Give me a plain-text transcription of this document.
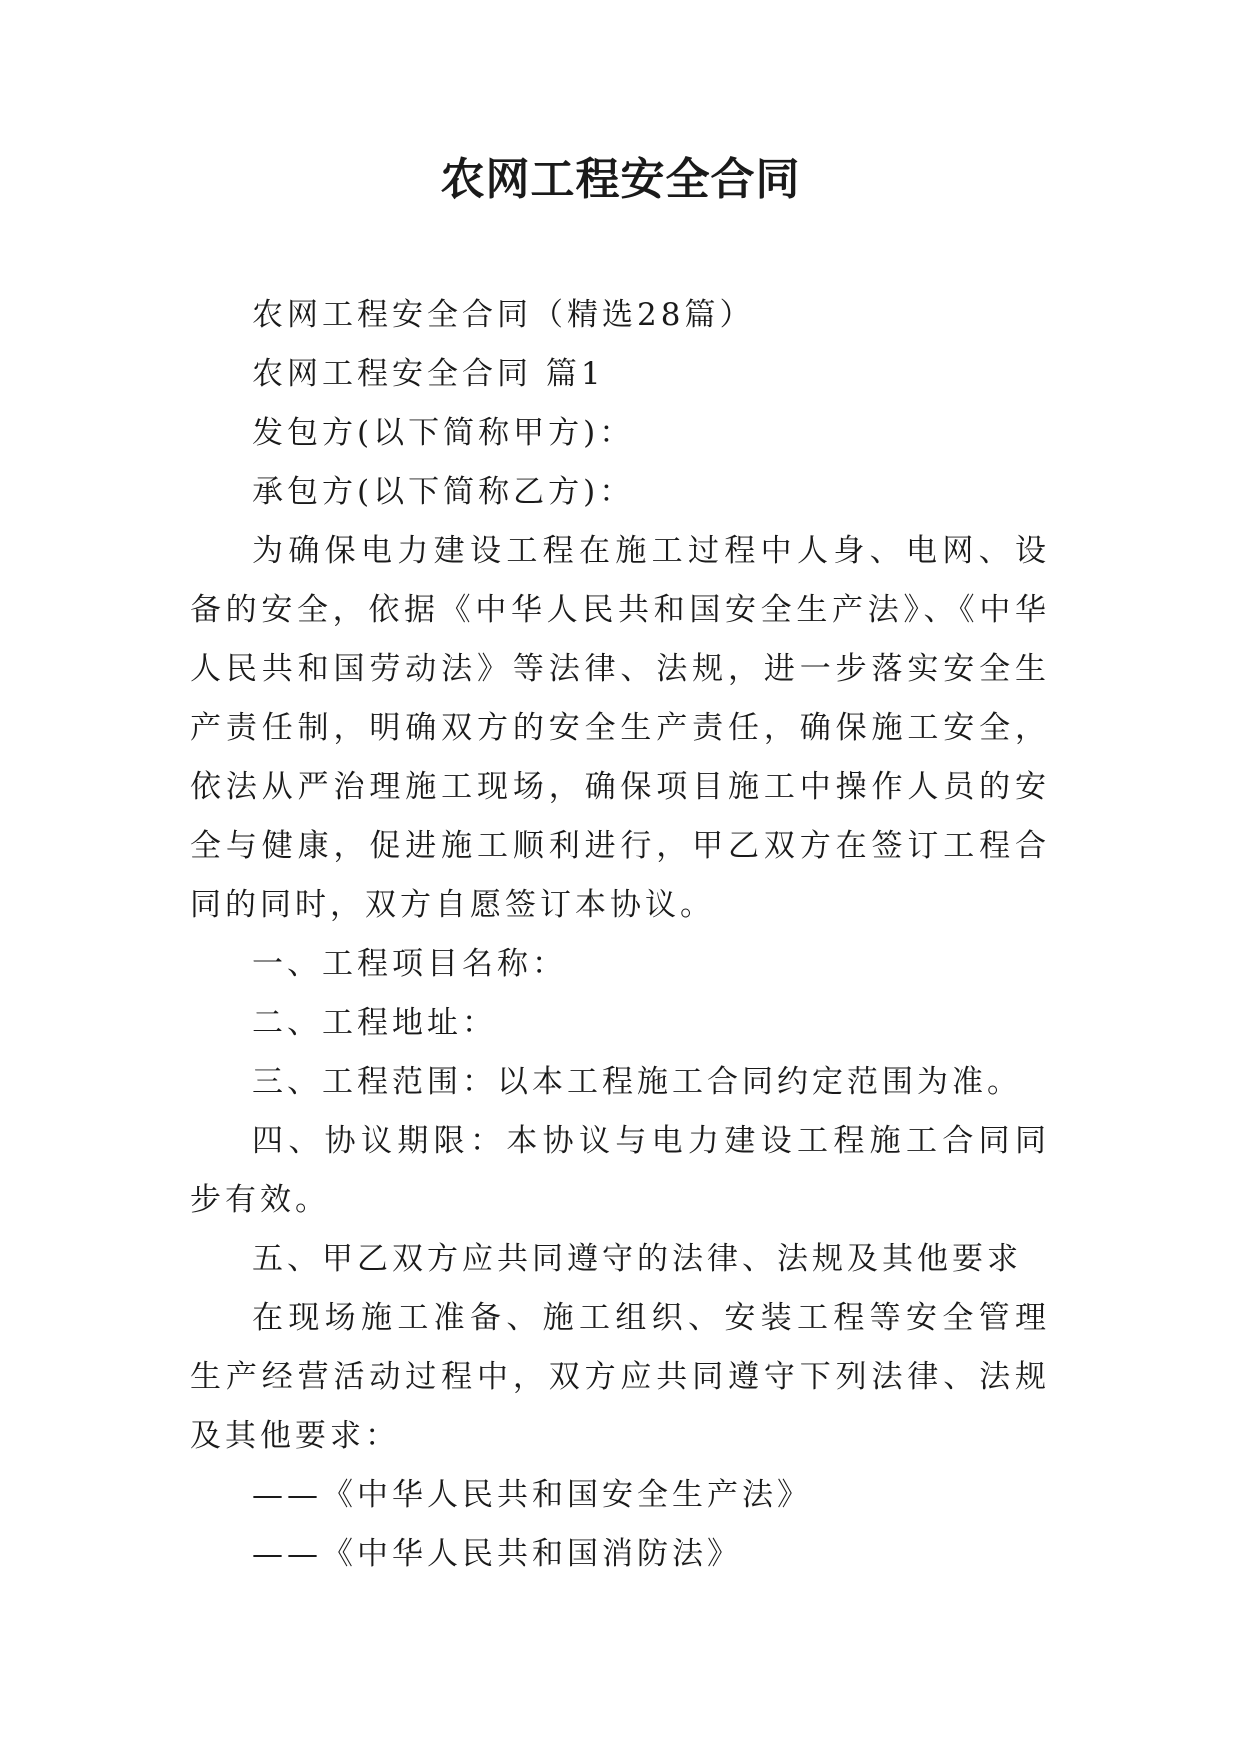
农网工程安全合同

农网工程安全合同（精选28篇）

农网工程安全合同 篇1

发包方(以下简称甲方)：

承包方(以下简称乙方)：

为确保电力建设工程在施工过程中人身、电网、设备的安全，依据《中华人民共和国安全生产法》、《中华人民共和国劳动法》等法律、法规，进一步落实安全生产责任制，明确双方的安全生产责任，确保施工安全，依法从严治理施工现场，确保项目施工中操作人员的安全与健康，促进施工顺利进行，甲乙双方在签订工程合同的同时，双方自愿签订本协议。

一、工程项目名称：

二、工程地址：

三、工程范围：以本工程施工合同约定范围为准。

四、协议期限：本协议与电力建设工程施工合同同步有效。

五、甲乙双方应共同遵守的法律、法规及其他要求

在现场施工准备、施工组织、安装工程等安全管理生产经营活动过程中，双方应共同遵守下列法律、法规及其他要求：

——《中华人民共和国安全生产法》

——《中华人民共和国消防法》
